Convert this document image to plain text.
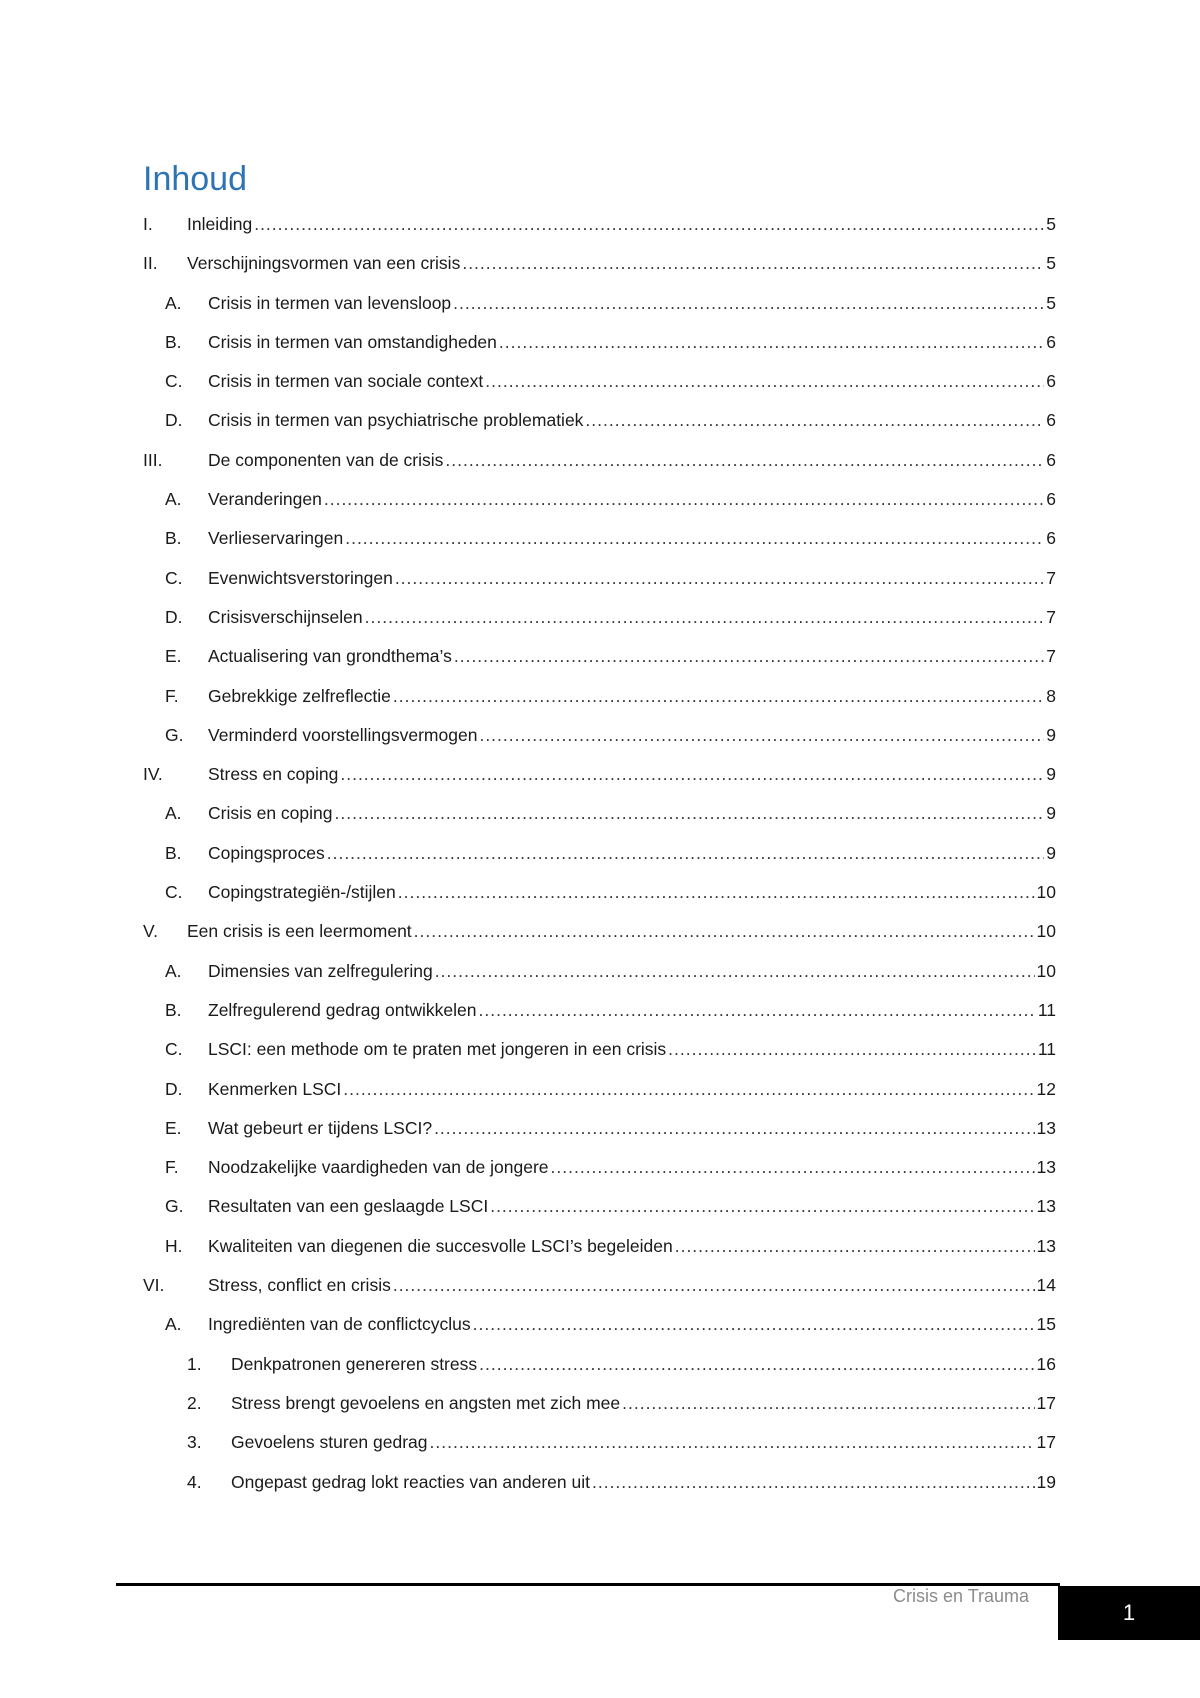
Inhoud
I.	Inleiding .....	5
II.	Verschijningsvormen van een crisis .....	5
A.	Crisis in termen van levensloop .....	5
B.	Crisis in termen van omstandigheden .....	6
C.	Crisis in termen van sociale context .....	6
D.	Crisis in termen van psychiatrische problematiek .....	6
III.	De componenten van de crisis .....	6
A.	Veranderingen .....	6
B.	Verlieservaringen .....	6
C.	Evenwichtsverstoringen .....	7
D.	Crisisverschijnselen .....	7
E.	Actualisering van grondthema’s .....	7
F.	Gebrekkige zelfreflectie .....	8
G.	Verminderd voorstellingsvermogen .....	9
IV.	Stress en coping .....	9
A.	Crisis en coping .....	9
B.	Copingsproces .....	9
C.	Copingstrategiën-/stijlen .....	10
V.	Een crisis is een leermoment .....	10
A.	Dimensies van zelfregulering .....	10
B.	Zelfregulerend gedrag ontwikkelen .....	11
C.	LSCI: een methode om te praten met jongeren in een crisis .....	11
D.	Kenmerken LSCI .....	12
E.	Wat gebeurt er tijdens LSCI? .....	13
F.	Noodzakelijke vaardigheden van de jongere .....	13
G.	Resultaten van een geslaagde LSCI .....	13
H.	Kwaliteiten van diegenen die succesvolle LSCI’s begeleiden .....	13
VI.	Stress, conflict en crisis .....	14
A.	Ingrediënten van de conflictcyclus .....	15
1.	Denkpatronen genereren stress .....	16
2.	Stress brengt gevoelens en angsten met zich mee .....	17
3.	Gevoelens sturen gedrag .....	17
4.	Ongepast gedrag lokt reacties van anderen uit .....	19
Crisis en Trauma
1
